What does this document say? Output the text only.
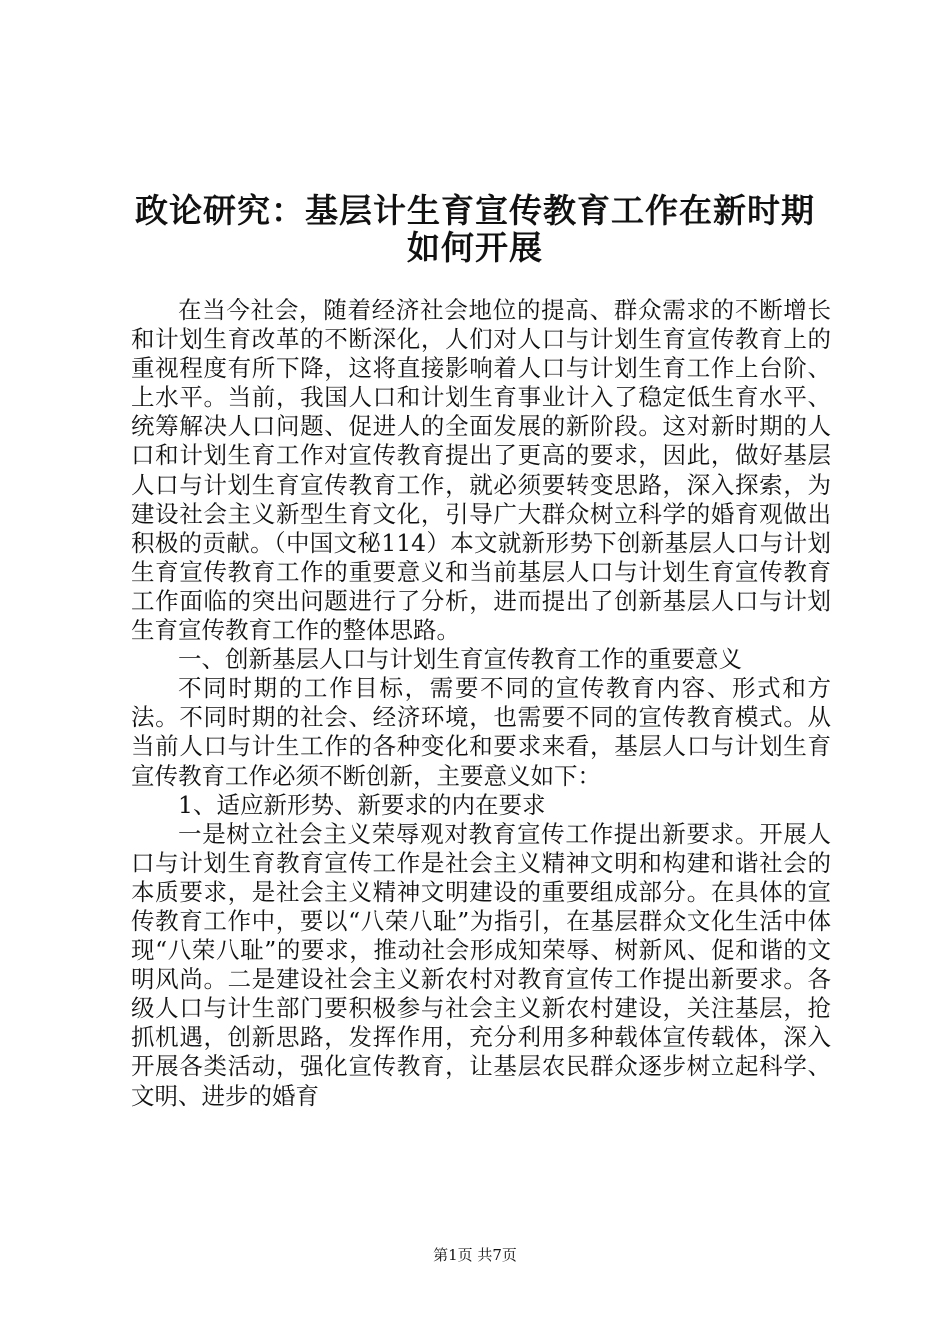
政论研究：基层计生育宣传教育工作在新时期
如何开展

在当今社会，随着经济社会地位的提高、群众需求的不断增长和计划生育改革的不断深化，人们对人口与计划生育宣传教育上的重视程度有所下降，这将直接影响着人口与计划生育工作上台阶、上水平。当前，我国人口和计划生育事业计入了稳定低生育水平、统筹解决人口问题、促进人的全面发展的新阶段。这对新时期的人口和计划生育工作对宣传教育提出了更高的要求，因此，做好基层人口与计划生育宣传教育工作，就必须要转变思路，深入探索，为建设社会主义新型生育文化，引导广大群众树立科学的婚育观做出积极的贡献。（中国文秘114）本文就新形势下创新基层人口与计划生育宣传教育工作的重要意义和当前基层人口与计划生育宣传教育工作面临的突出问题进行了分析，进而提出了创新基层人口与计划生育宣传教育工作的整体思路。

一、创新基层人口与计划生育宣传教育工作的重要意义

不同时期的工作目标，需要不同的宣传教育内容、形式和方法。不同时期的社会、经济环境，也需要不同的宣传教育模式。从当前人口与计生工作的各种变化和要求来看，基层人口与计划生育宣传教育工作必须不断创新，主要意义如下：

1、适应新形势、新要求的内在要求

一是树立社会主义荣辱观对教育宣传工作提出新要求。开展人口与计划生育教育宣传工作是社会主义精神文明和构建和谐社会的本质要求，是社会主义精神文明建设的重要组成部分。在具体的宣传教育工作中，要以“八荣八耻”为指引，在基层群众文化生活中体现“八荣八耻”的要求，推动社会形成知荣辱、树新风、促和谐的文明风尚。二是建设社会主义新农村对教育宣传工作提出新要求。各级人口与计生部门要积极参与社会主义新农村建设，关注基层，抢抓机遇，创新思路，发挥作用，充分利用多种载体宣传载体，深入开展各类活动，强化宣传教育，让基层农民群众逐步树立起科学、文明、进步的婚育

第1页 共7页
